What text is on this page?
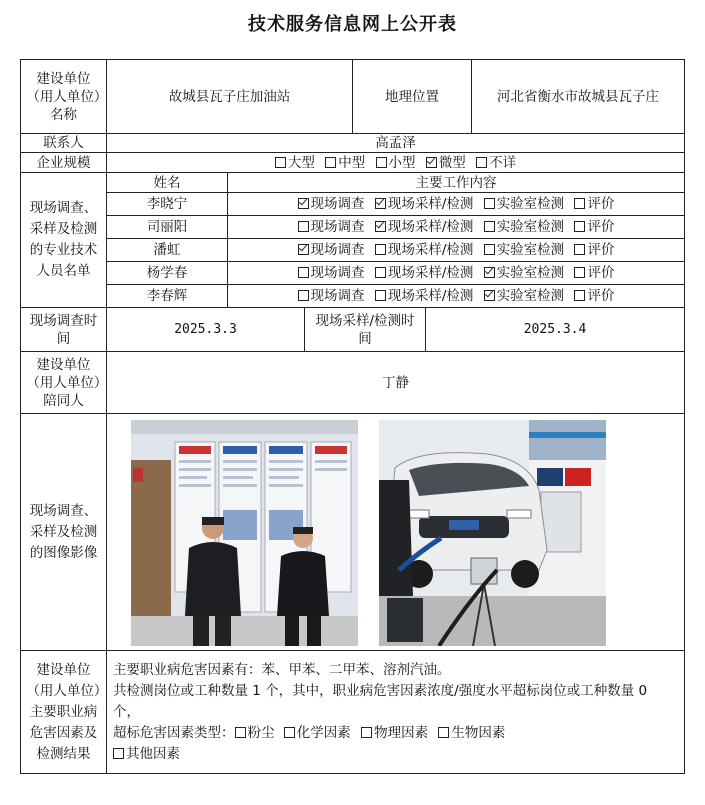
技术服务信息网上公开表
建设单位（用人单位）名称	故城县瓦子庄加油站			地理位置		河北省衡水市故城县瓦子庄
联系人	高孟泽					
企业规模	大型 中型 小型 微型 不详					
现场调查、采样及检测的专业技术人员名单	姓名	主要工作内容				
	李晓宁	现场调查 现场采样/检测 实验室检测 评价				
	司丽阳	现场调查 现场采样/检测 实验室检测 评价				
	潘虹	现场调查 现场采样/检测 实验室检测 评价				
	杨学春	现场调查 现场采样/检测 实验室检测 评价				
	李春辉	现场调查 现场采样/检测 实验室检测 评价				
现场调查时间	2025.3.3		现场采样/检测时间		2025.3.4	
建设单位（用人单位）陪同人	丁静					
现场调查、采样及检测的图像影像	

建设单位（用人单位）主要职业病危害因素及检测结果	主要职业病危害因素有：苯、甲苯、二甲苯、溶剂汽油。
共检测岗位或工种数量 1 个，其中，职业病危害因素浓度/强度水平超标岗位或工种数量 0 个，
超标危害因素类型： 粉尘 化学因素 物理因素 生物因素
其他因素					
